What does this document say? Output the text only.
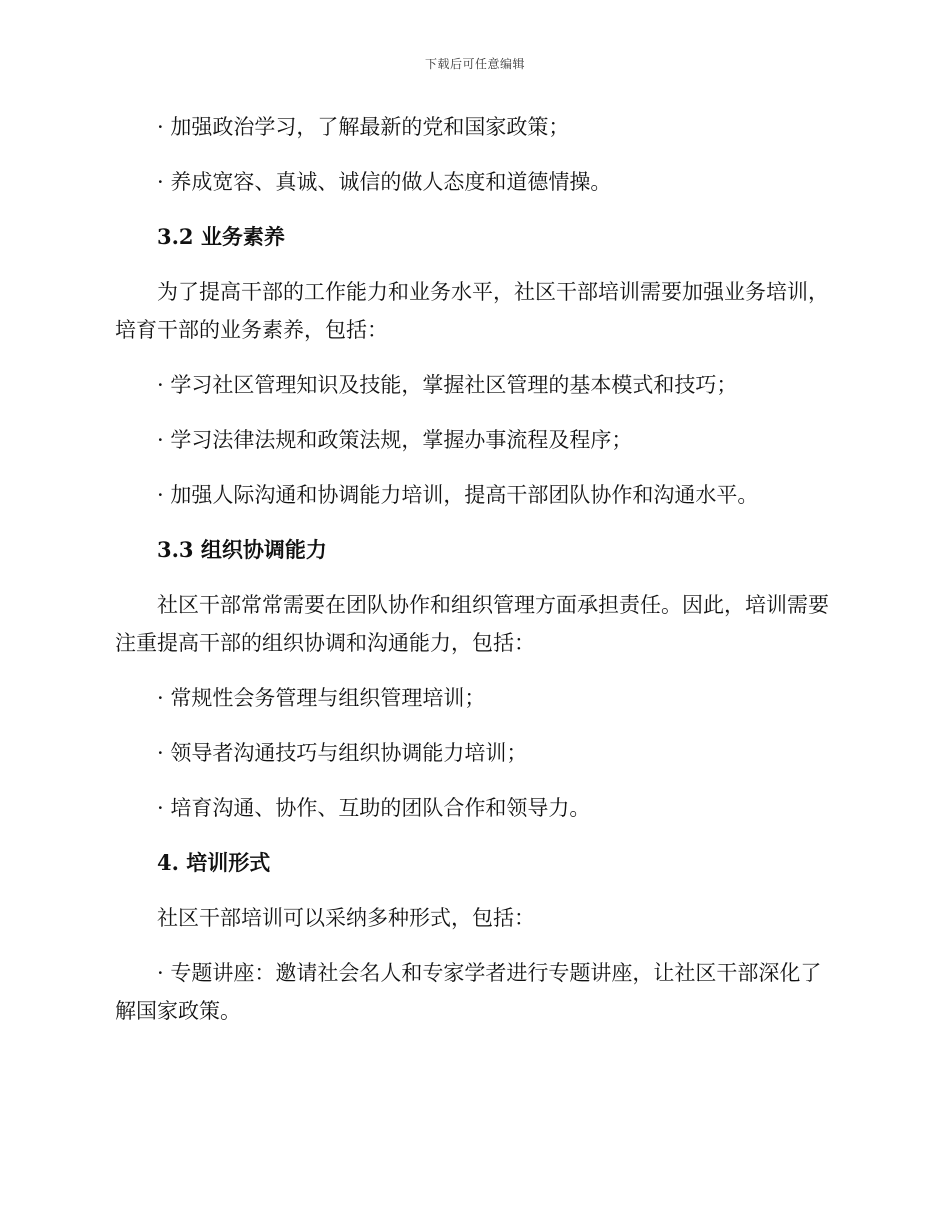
下载后可任意编辑

· 加强政治学习，了解最新的党和国家政策；

· 养成宽容、真诚、诚信的做人态度和道德情操。

3.2 业务素养

为了提高干部的工作能力和业务水平，社区干部培训需要加强业务培训，培育干部的业务素养，包括：

· 学习社区管理知识及技能，掌握社区管理的基本模式和技巧；

· 学习法律法规和政策法规，掌握办事流程及程序；

· 加强人际沟通和协调能力培训，提高干部团队协作和沟通水平。

3.3 组织协调能力

社区干部常常需要在团队协作和组织管理方面承担责任。因此，培训需要注重提高干部的组织协调和沟通能力，包括：

· 常规性会务管理与组织管理培训；

· 领导者沟通技巧与组织协调能力培训；

· 培育沟通、协作、互助的团队合作和领导力。

4. 培训形式

社区干部培训可以采纳多种形式，包括：

· 专题讲座：邀请社会名人和专家学者进行专题讲座，让社区干部深化了解国家政策。
